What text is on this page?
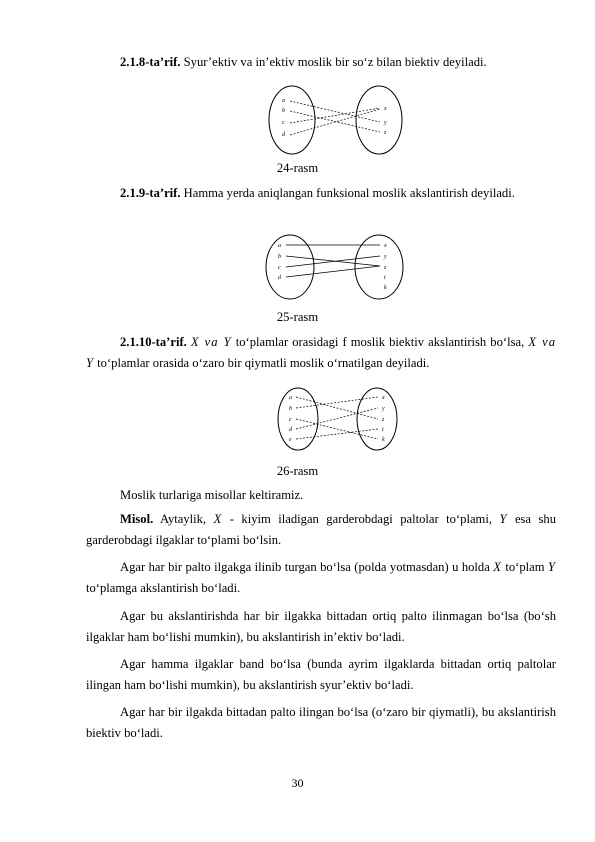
2.1.8-ta’rif. Syur’ektiv va in’ektiv moslik bir so‘z bilan biektiv deyiladi.

a
b
c
d
x
y
z
24-rasm

2.1.9-ta’rif. Hamma yerda aniqlangan funksional moslik akslantirish deyiladi.

a
b
c
d
x
y
z
t
k
25-rasm

2.1.10-ta’rif. X va Y to‘plamlar orasidagi f moslik biektiv akslantirish bo‘lsa, X va Y to‘plamlar orasida o‘zaro bir qiymatli moslik o‘rnatilgan deyiladi.

a
b
c
d
e
x
y
z
t
k
26-rasm

Moslik turlariga misollar keltiramiz.

Misol. Aytaylik, X - kiyim iladigan garderobdagi paltolar to‘plami, Y esa shu garderobdagi ilgaklar to‘plami bo‘lsin.

Agar har bir palto ilgakga ilinib turgan bo‘lsa (polda yotmasdan) u holda X to‘plam Y to‘plamga akslantirish bo‘ladi.

Agar bu akslantirishda har bir ilgakka bittadan ortiq palto ilinmagan bo‘lsa (bo‘sh ilgaklar ham bo‘lishi mumkin), bu akslantirish in’ektiv bo‘ladi.

Agar hamma ilgaklar band bo‘lsa (bunda ayrim ilgaklarda bittadan ortiq paltolar ilingan ham bo‘lishi mumkin), bu akslantirish syur’ektiv bo‘ladi.

Agar har bir ilgakda bittadan palto ilingan bo‘lsa (o‘zaro bir qiymatli), bu akslantirish biektiv bo‘ladi.

30
